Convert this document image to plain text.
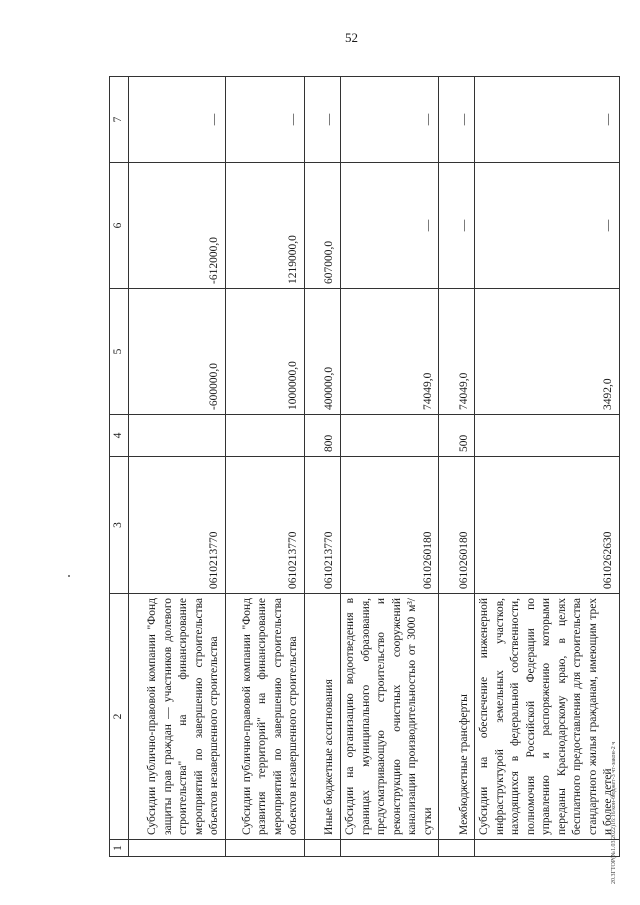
52
20.3ГТОР(№1.03.2022)16:16/кон-бюджет-3 чт-закон-2 ч
1	2	3	4	5	6	7
	Субсидии публично-правовой компании "Фонд защиты прав граждан — участников долевого строительства" на финансирование мероприятий по завершению строительства объектов незавершенного строительства	0610213770		-600000,0	-612000,0	—
	Субсидии публично-правовой компании "Фонд развития территорий" на финансирование мероприятий по завершению строительства объектов незавершенного строительства	0610213770		1000000,0	1219000,0	—
	Иные бюджетные ассигнования	0610213770	800	400000,0	607000,0	—
	Субсидии на организацию водоотведения в границах муниципального образования, предусматривающую строительство и реконструкцию очистных сооружений канализации производительностью от 3000 м³/сутки	0610260180		74049,0	—	—
	Межбюджетные трансферты	0610260180	500	74049,0	—	—
	Субсидии на обеспечение инженерной инфраструктурой земельных участков, находящихся в федеральной собственности, полномочия Российской Федерации по управлению и распоряжению которыми переданы Краснодарскому краю, в целях бесплатного предоставления для строительства стандартного жилья гражданам, имеющим трех и более детей	0610262630		3492,0	—	—
